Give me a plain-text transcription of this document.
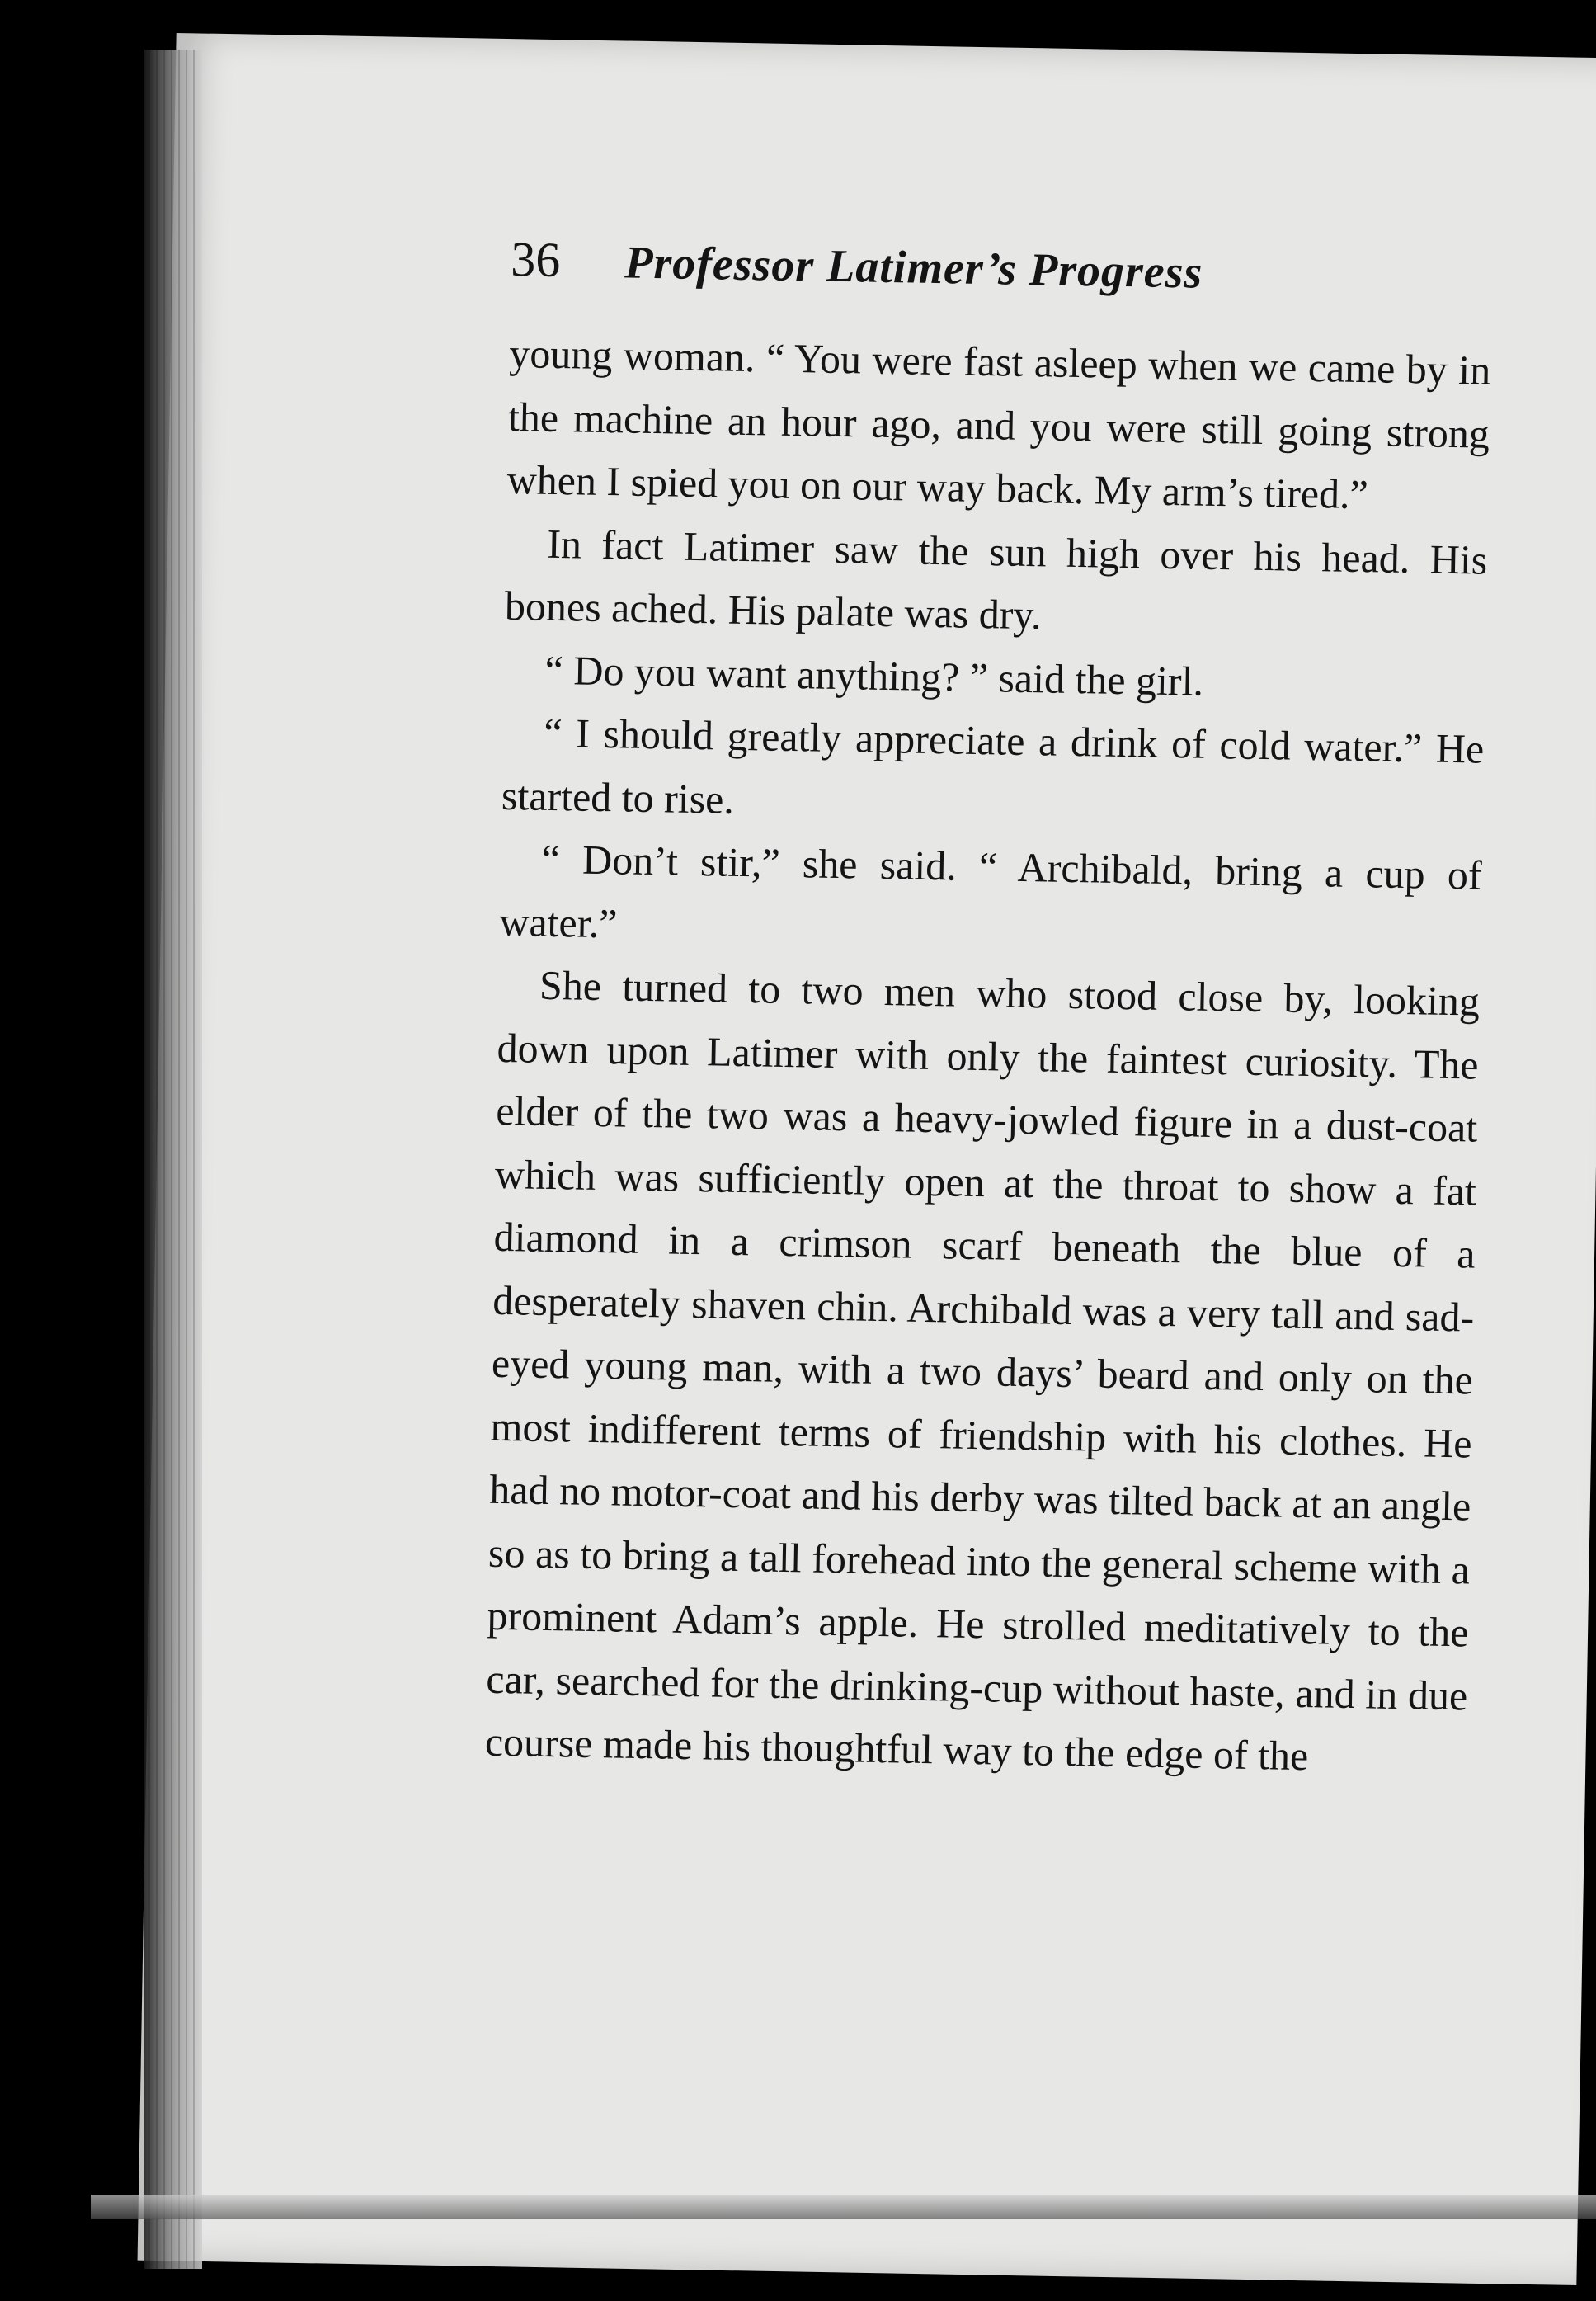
36 Professor Latimer’s Progress

young woman. “ You were fast asleep when we came by in the machine an hour ago, and you were still going strong when I spied you on our way back. My arm’s tired.”

In fact Latimer saw the sun high over his head. His bones ached. His palate was dry.

“ Do you want anything? ” said the girl.

“ I should greatly appreciate a drink of cold water.” He started to rise.

“ Don’t stir,” she said. “ Archibald, bring a cup of water.”

She turned to two men who stood close by, looking down upon Latimer with only the faintest curiosity. The elder of the two was a heavy-jowled figure in a dust-coat which was sufficiently open at the throat to show a fat diamond in a crimson scarf beneath the blue of a desperately shaven chin. Archibald was a very tall and sad-eyed young man, with a two days’ beard and only on the most indifferent terms of friendship with his clothes. He had no motor-coat and his derby was tilted back at an angle so as to bring a tall forehead into the general scheme with a prominent Adam’s apple. He strolled meditatively to the car, searched for the drinking-cup without haste, and in due course made his thoughtful way to the edge of the
